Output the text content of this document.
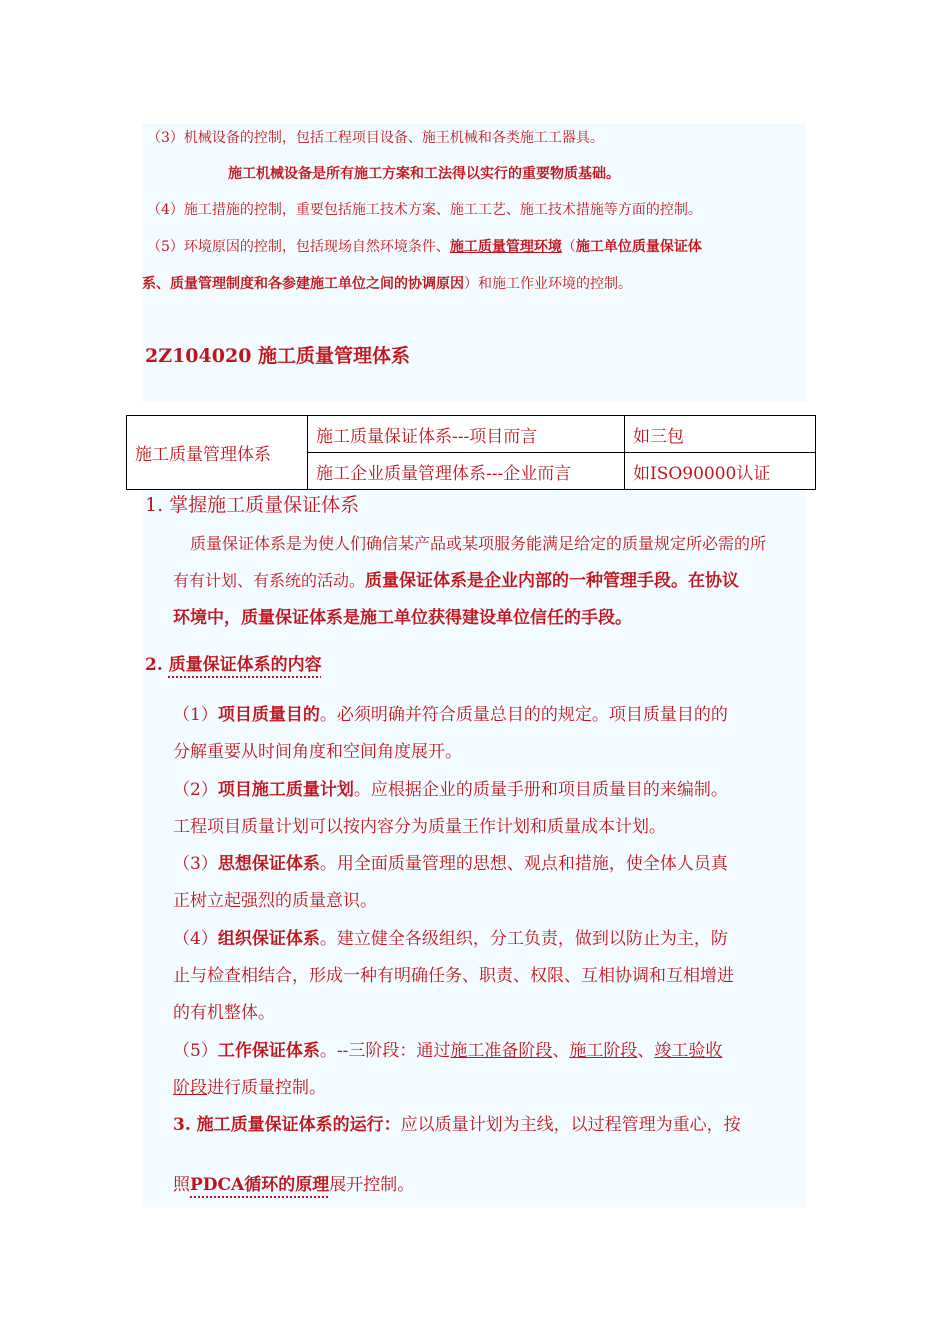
（3）机械设备的控制，包括工程项目设备、施王机械和各类施工工器具。
施工机械设备是所有施工方案和工法得以实行的重要物质基础。
（4）施工措施的控制，重要包括施工技术方案、施工工艺、施工技术措施等方面的控制。
（5）环境原因的控制，包括现场自然环境条件、施工质量管理环境（施工单位质量保证体
系、质量管理制度和各参建施工单位之间的协调原因）和施工作业环境的控制。
2Z104020 施工质量管理体系
施工质量管理体系	施工质量保证体系---项目而言	如三包
	施工企业质量管理体系---企业而言	如ISO90000认证
1. 掌握施工质量保证体系
质量保证体系是为使人们确信某产品或某项服务能满足给定的质量规定所必需的所
有有计划、有系统的活动。质量保证体系是企业内部的一种管理手段。在协议
环境中，质量保证体系是施工单位获得建设单位信任的手段。
2. 质量保证体系的内容
（1）项目质量目的。必须明确并符合质量总目的的规定。项目质量目的的
分解重要从时间角度和空间角度展开。
（2）项目施工质量计划。应根据企业的质量手册和项目质量目的来编制。
工程项目质量计划可以按内容分为质量王作计划和质量成本计划。
（3）思想保证体系。用全面质量管理的思想、观点和措施，使全体人员真
正树立起强烈的质量意识。
（4）组织保证体系。建立健全各级组织，分工负责，做到以防止为主，防
止与检查相结合，形成一种有明确任务、职责、权限、互相协调和互相增进
的有机整体。
（5）工作保证体系。--三阶段：通过施工准备阶段、施工阶段、竣工验收
阶段进行质量控制。
3. 施工质量保证体系的运行：应以质量计划为主线，以过程管理为重心，按
照PDCA循环的原理展开控制。
